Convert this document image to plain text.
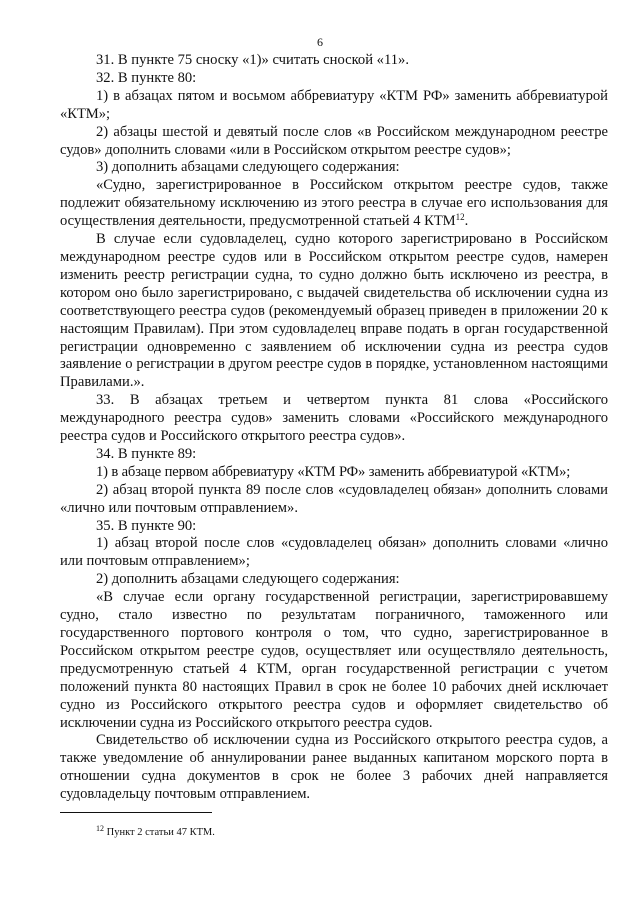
6

31. В пункте 75 сноску «1)» считать сноской «11».

32. В пункте 80:

1) в абзацах пятом и восьмом аббревиатуру «КТМ РФ» заменить аббревиатурой «КТМ»;

2) абзацы шестой и девятый после слов «в Российском международном реестре судов» дополнить словами «или в Российском открытом реестре судов»;

3) дополнить абзацами следующего содержания:

«Судно, зарегистрированное в Российском открытом реестре судов, также подлежит обязательному исключению из этого реестра в случае его использования для осуществления деятельности, предусмотренной статьей 4 КТМ$^{12}$.

В случае если судовладелец, судно которого зарегистрировано в Российском международном реестре судов или в Российском открытом реестре судов, намерен изменить реестр регистрации судна, то судно должно быть исключено из реестра, в котором оно было зарегистрировано, с выдачей свидетельства об исключении судна из соответствующего реестра судов (рекомендуемый образец приведен в приложении 20 к настоящим Правилам). При этом судовладелец вправе подать в орган государственной регистрации одновременно с заявлением об исключении судна из реестра судов заявление о регистрации в другом реестре судов в порядке, установленном настоящими Правилами.».

33. В абзацах третьем и четвертом пункта 81 слова «Российского международного реестра судов» заменить словами «Российского международного реестра судов и Российского открытого реестра судов».

34. В пункте 89:

1) в абзаце первом аббревиатуру «КТМ РФ» заменить аббревиатурой «КТМ»;

2) абзац второй пункта 89 после слов «судовладелец обязан» дополнить словами «лично или почтовым отправлением».

35. В пункте 90:

1) абзац второй после слов «судовладелец обязан» дополнить словами «лично или почтовым отправлением»;

2) дополнить абзацами следующего содержания:

«В случае если органу государственной регистрации, зарегистрировавшему судно, стало известно по результатам пограничного, таможенного или государственного портового контроля о том, что судно, зарегистрированное в Российском открытом реестре судов, осуществляет или осуществляло деятельность, предусмотренную статьей 4 КТМ, орган государственной регистрации с учетом положений пункта 80 настоящих Правил в срок не более 10 рабочих дней исключает судно из Российского открытого реестра судов и оформляет свидетельство об исключении судна из Российского открытого реестра судов.

Свидетельство об исключении судна из Российского открытого реестра судов, а также уведомление об аннулировании ранее выданных капитаном морского порта в отношении судна документов в срок не более 3 рабочих дней направляется судовладельцу почтовым отправлением.

$^{12}$ Пункт 2 статьи 47 КТМ.
